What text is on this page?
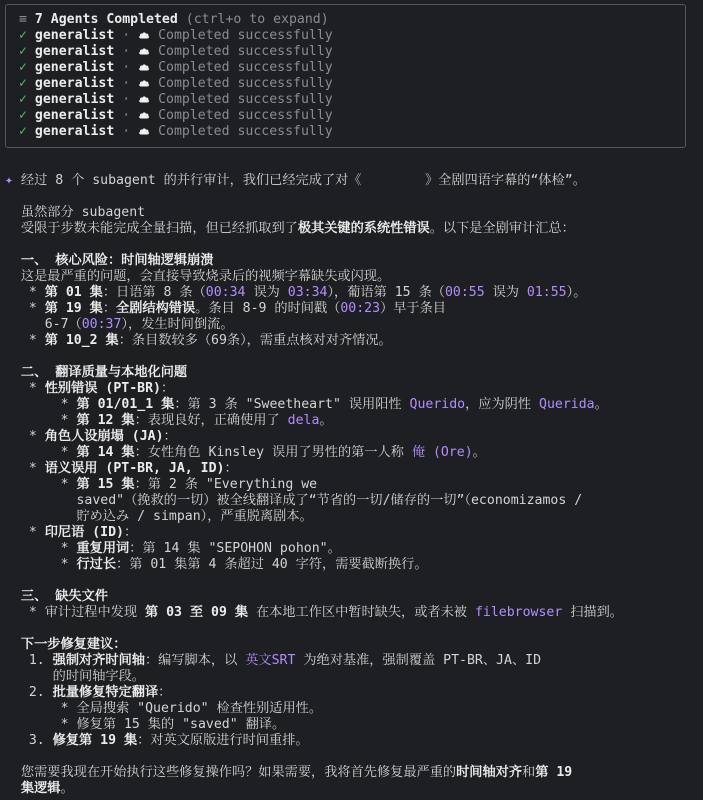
≡ 7 Agents Completed (ctrl+o to expand)
✓ generalist ·  Completed successfully
✓ generalist ·  Completed successfully
✓ generalist ·  Completed successfully
✓ generalist ·  Completed successfully
✓ generalist ·  Completed successfully
✓ generalist ·  Completed successfully
✓ generalist ·  Completed successfully
✦ 经过 8 个 subagent 的并行审计，我们已经完成了对《        》全剧四语字幕的“体检”。
虽然部分 subagent
受限于步数未能完成全量扫描，但已经抓取到了极其关键的系统性错误。以下是全剧审计汇总：
一、 核心风险：时间轴逻辑崩溃
这是最严重的问题，会直接导致烧录后的视频字幕缺失或闪现。
* 第 01 集：日语第 8 条（00:34 误为 03:34），葡语第 15 条（00:55 误为 01:55）。
* 第 19 集：全剧结构错误。条目 8-9 的时间戳（00:23）早于条目
6-7（00:37），发生时间倒流。
* 第 10_2 集：条目数较多（69条），需重点核对对齐情况。
二、 翻译质量与本地化问题
* 性别错误 (PT-BR)：
* 第 01/01_1 集：第 3 条 "Sweetheart" 误用阳性 Querido，应为阴性 Querida。
* 第 12 集：表现良好，正确使用了 dela。
* 角色人设崩塌 (JA)：
* 第 14 集：女性角色 Kinsley 误用了男性的第一人称 俺 (Ore)。
* 语义误用 (PT-BR, JA, ID)：
* 第 15 集：第 2 条 "Everything we
saved"（挽救的一切）被全线翻译成了“节省的一切/储存的一切”（economizamos /
貯め込み / simpan），严重脱离剧本。
* 印尼语 (ID)：
* 重复用词：第 14 集 "SEPOHON pohon"。
* 行过长：第 01 集第 4 条超过 40 字符，需要截断换行。
三、 缺失文件
* 审计过程中发现 第 03 至 09 集 在本地工作区中暂时缺失，或者未被 filebrowser 扫描到。
下一步修复建议：
1. 强制对齐时间轴：编写脚本，以 英文SRT 为绝对基准，强制覆盖 PT-BR、JA、ID
的时间轴字段。
2. 批量修复特定翻译：
* 全局搜索 "Querido" 检查性别适用性。
* 修复第 15 集的 "saved" 翻译。
3. 修复第 19 集：对英文原版进行时间重排。
您需要我现在开始执行这些修复操作吗？如果需要，我将首先修复最严重的时间轴对齐和第 19
集逻辑。
